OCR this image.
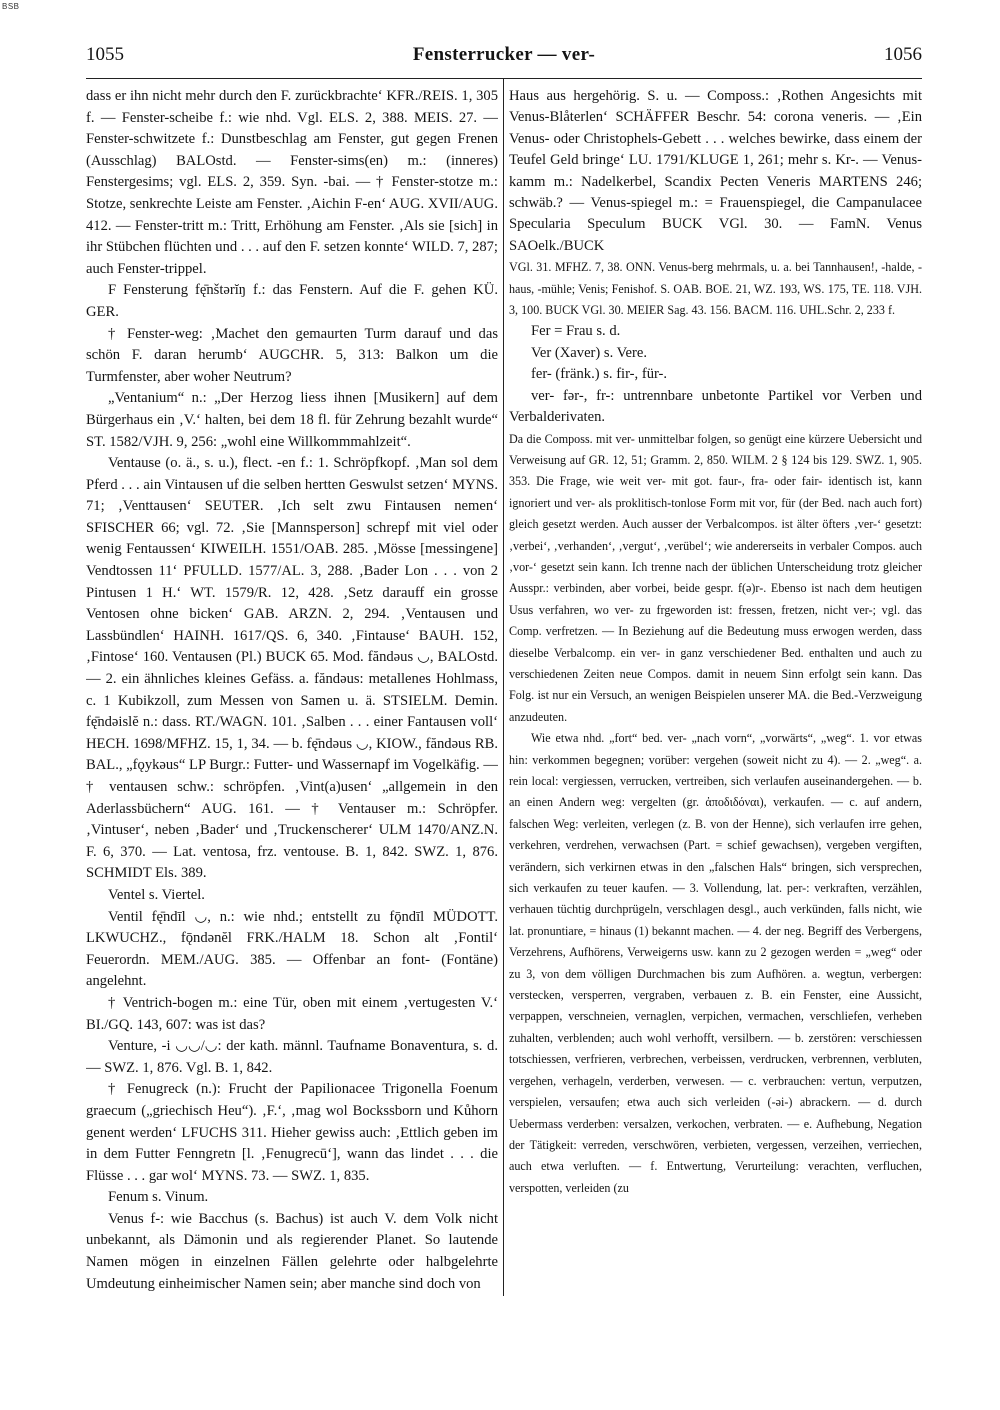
BSB
1055	Fensterrucker — ver-	1056

dass er ihn nicht mehr durch den F. zurückbrachte‘ KFR./REIS. 1, 305 f. — Fenster-scheibe f.: wie nhd. Vgl. ELS. 2, 388. MEIS. 27. — Fenster-schwitzete f.: Dunstbeschlag am Fenster, gut gegen Frenen (Ausschlag) BALOstd. — Fenster-sims(en) m.: (inneres) Fenstergesims; vgl. ELS. 2, 359. Syn. -bai. — † Fenster-stotze m.: Stotze, senkrechte Leiste am Fenster. ‚Aichin F-en‘ AUG. XVII/AUG. 412. — Fenster-tritt m.: Tritt, Erhöhung am Fenster. ‚Als sie [sich] in ihr Stübchen flüchten und . . . auf den F. setzen konnte‘ WILD. 7, 287; auch Fenster-trippel.

F Fensterung fę̄nštərĭŋ f.: das Fenstern. Auf die F. gehen KÜ. GER.

† Fenster-weg: ‚Machet den gemaurten Turm darauf und das schön F. daran herumb‘ AUGCHR. 5, 313: Balkon um die Turmfenster, aber woher Neutrum?

„Ventanium“ n.: „Der Herzog liess ihnen [Musikern] auf dem Bürgerhaus ein ‚V.‘ halten, bei dem 18 fl. für Zehrung bezahlt wurde“ ST. 1582/VJH. 9, 256: „wohl eine Willkommmahlzeit“.

Ventause (o. ä., s. u.), flect. -en f.: 1. Schröpfkopf. ‚Man sol dem Pferd . . . ain Vintausen uf die selben hertten Geswulst setzen‘ MYNS. 71; ‚Venttausen‘ SEUTER. ‚Ich selt zwu Fintausen nemen‘ SFISCHER 66; vgl. 72. ‚Sie [Mannsperson] schrepf mit viel oder wenig Fentaussen‘ KIWEILH. 1551/OAB. 285. ‚Mösse [messingene] Vendtossen 11‘ PFULLD. 1577/AL. 3, 288. ‚Bader Lon . . . von 2 Pintusen 1 H.‘ WT. 1579/R. 12, 428. ‚Setz darauff ein grosse Ventosen ohne bicken‘ GAB. ARZN. 2, 294. ‚Ventausen und Lassbündlen‘ HAINH. 1617/QS. 6, 340. ‚Fintause‘ BAUH. 152, ‚Fintose‘ 160. Ventausen (Pl.) BUCK 65. Mod. făndəus ◡, BALOstd. — 2. ein ähnliches kleines Gefäss. a. făndəus: metallenes Hohlmass, c. 1 Kubikzoll, zum Messen von Samen u. ä. STSIELM. Demin. fę̄ndəislĕ n.: dass. RT./WAGN. 101. ‚Salben . . . einer Fantausen voll‘ HECH. 1698/MFHZ. 15, 1, 34. — b. fę̄ndəus ◡, KIOW., făndəus RB. BAL., „fǫykəus“ LP Burgr.: Futter- und Wassernapf im Vogelkäfig. — † ventausen schw.: schröpfen. ‚Vint(a)usen‘ „allgemein in den Aderlassbüchern“ AUG. 161. — † Ventauser m.: Schröpfer. ‚Vintuser‘, neben ‚Bader‘ und ‚Truckenscherer‘ ULM 1470/ANZ.N. F. 6, 370. — Lat. ventosa, frz. ventouse. B. 1, 842. SWZ. 1, 876. SCHMIDT Els. 389.

Ventel s. Viertel.

Ventil fę̄ndīl ◡, n.: wie nhd.; entstellt zu fǭndīl MÜDOTT. LKWUCHZ., fǭndənĕl FRK./HALM 18. Schon alt ‚Fontil‘ Feuerordn. MEM./AUG. 385. — Offenbar an font- (Fontäne) angelehnt.

† Ventrich-bogen m.: eine Tür, oben mit einem ‚vertugesten V.‘ BI./GQ. 143, 607: was ist das?

Venture, -i ◡◡/◡: der kath. männl. Taufname Bonaventura, s. d. — SWZ. 1, 876. Vgl. B. 1, 842.

† Fenugreck (n.): Frucht der Papilionacee Trigonella Foenum graecum („griechisch Heu“). ‚F.‘, ‚mag wol Bockssborn und Kůhorn genent werden‘ LFUCHS 311. Hieher gewiss auch: ‚Ettlich geben im in dem Futter Fenngretn [l. ‚Fenugrecū‘], wann das lindet . . . die Flüsse . . . gar wol‘ MYNS. 73. — SWZ. 1, 835.

Fenum s. Vinum.

Venus f-: wie Bacchus (s. Bachus) ist auch V. dem Volk nicht unbekannt, als Dämonin und als regierender Planet. So lautende Namen mögen in einzelnen Fällen gelehrte oder halbgelehrte Umdeutung einheimischer Namen sein; aber manche sind doch von

Haus aus hergehörig. S. u. — Composs.: ‚Rothen Angesichts mit Venus-Blåterlen‘ SCHÄFFER Beschr. 54: corona veneris. — ‚Ein Venus- oder Christophels-Gebett . . . welches bewirke, dass einem der Teufel Geld bringe‘ LU. 1791/KLUGE 1, 261; mehr s. Kr-. — Venus-kamm m.: Nadelkerbel, Scandix Pecten Veneris MARTENS 246; schwäb.? — Venus-spiegel m.: = Frauenspiegel, die Campanulacee Specularia Speculum BUCK VGl. 30. — FamN. Venus SAOelk./BUCK

VGl. 31. MFHZ. 7, 38. ONN. Venus-berg mehrmals, u. a. bei Tannhausen!, -halde, -haus, -mühle; Venis; Fenishof. S. OAB. BOE. 21, WZ. 193, WS. 175, TE. 118. VJH. 3, 100. BUCK VGl. 30. MEIER Sag. 43. 156. BACM. 116. UHL.Schr. 2, 233 f.

Fer = Frau s. d.

Ver (Xaver) s. Vere.

fer- (fränk.) s. fir-, für-.

ver- fər-, fr-: untrennbare unbetonte Partikel vor Verben und Verbalderivaten.

Da die Composs. mit ver- unmittelbar folgen, so genügt eine kürzere Uebersicht und Verweisung auf GR. 12, 51; Gramm. 2, 850. WILM. 2 § 124 bis 129. SWZ. 1, 905. 353. Die Frage, wie weit ver- mit got. faur-, fra- oder fair- identisch ist, kann ignoriert und ver- als proklitisch-tonlose Form mit vor, für (der Bed. nach auch fort) gleich gesetzt werden. Auch ausser der Verbalcompos. ist älter öfters ‚ver-‘ gesetzt: ‚verbei‘, ‚verhanden‘, ‚vergut‘, ‚verübel‘; wie andererseits in verbaler Compos. auch ‚vor-‘ gesetzt sein kann. Ich trenne nach der üblichen Unterscheidung trotz gleicher Ausspr.: verbinden, aber vorbei, beide gespr. f(ə)r-. Ebenso ist nach dem heutigen Usus verfahren, wo ver- zu frgeworden ist: fressen, fretzen, nicht ver-; vgl. das Comp. verfretzen. — In Beziehung auf die Bedeutung muss erwogen werden, dass dieselbe Verbalcomp. ein ver- in ganz verschiedener Bed. enthalten und auch zu verschiedenen Zeiten neue Compos. damit in neuem Sinn erfolgt sein kann. Das Folg. ist nur ein Versuch, an wenigen Beispielen unserer MA. die Bed.-Verzweigung anzudeuten.

Wie etwa nhd. „fort“ bed. ver- „nach vorn“, „vorwärts“, „weg“. 1. vor etwas hin: verkommen begegnen; vorüber: vergehen (soweit nicht zu 4). — 2. „weg“. a. rein local: vergiessen, verrucken, vertreiben, sich verlaufen auseinandergehen. — b. an einen Andern weg: vergelten (gr. ἀποδιδόναι), verkaufen. — c. auf andern, falschen Weg: verleiten, verlegen (z. B. von der Henne), sich verlaufen irre gehen, verkehren, verdrehen, verwachsen (Part. = schief gewachsen), vergeben vergiften, verändern, sich verkirnen etwas in den „falschen Hals“ bringen, sich versprechen, sich verkaufen zu teuer kaufen. — 3. Vollendung, lat. per-: verkraften, verzählen, verhauen tüchtig durchprügeln, verschlagen desgl., auch verkünden, falls nicht, wie lat. pronuntiare, = hinaus (1) bekannt machen. — 4. der neg. Begriff des Verbergens, Verzehrens, Aufhörens, Verweigerns usw. kann zu 2 gezogen werden = „weg“ oder zu 3, von dem völligen Durchmachen bis zum Aufhören. a. wegtun, verbergen: verstecken, versperren, vergraben, verbauen z. B. ein Fenster, eine Aussicht, verpappen, verschneien, vernaglen, verpichen, vermachen, verschliefen, verheben zuhalten, verblenden; auch wohl verhofft, versilbern. — b. zerstören: verschiessen totschiessen, verfrieren, verbrechen, verbeissen, verdrucken, verbrennen, verbluten, vergehen, verhageln, verderben, verwesen. — c. verbrauchen: vertun, verputzen, verspielen, versaufen; etwa auch sich verleiden (-əi-) abrackern. — d. durch Uebermass verderben: versalzen, verkochen, verbraten. — e. Aufhebung, Negation der Tätigkeit: verreden, verschwören, verbieten, vergessen, verzeihen, verriechen, auch etwa verluften. — f. Entwertung, Verurteilung: verachten, verfluchen, verspotten, verleiden (zu
